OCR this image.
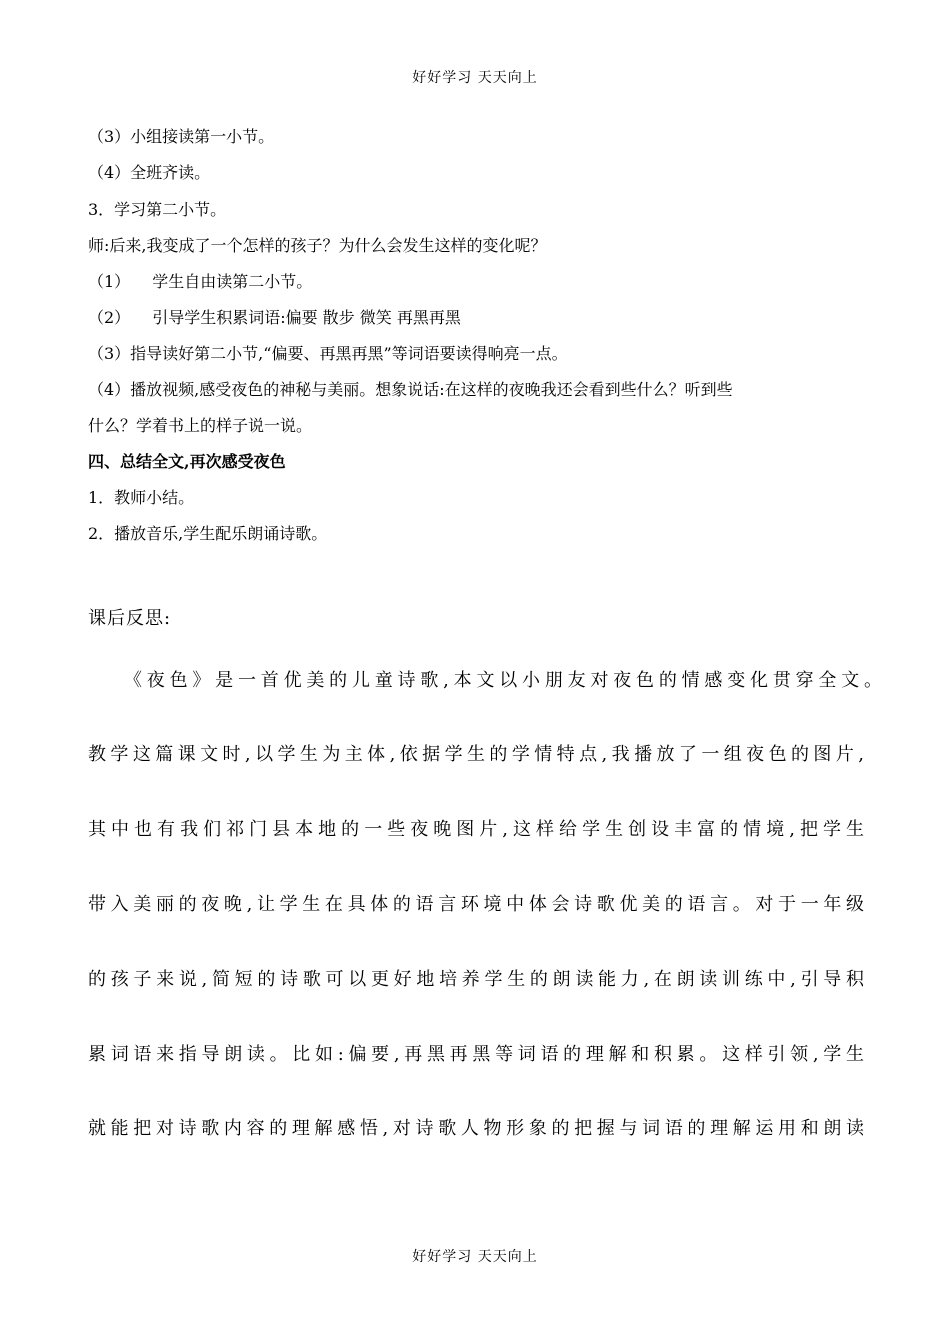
好好学习 天天向上
（3）小组接读第一小节。
（4）全班齐读。
3．学习第二小节。
师:后来,我变成了一个怎样的孩子？为什么会发生这样的变化呢？
（1） 学生自由读第二小节。
（2） 引导学生积累词语:偏要 散步 微笑 再黑再黑
（3）指导读好第二小节,“偏要、再黑再黑”等词语要读得响亮一点。
（4）播放视频,感受夜色的神秘与美丽。想象说话:在这样的夜晚我还会看到些什么？听到些
什么？学着书上的样子说一说。
四、总结全文,再次感受夜色
1．教师小结。
2．播放音乐,学生配乐朗诵诗歌。
课后反思:
《夜色》是一首优美的儿童诗歌,本文以小朋友对夜色的情感变化贯穿全文。
教学这篇课文时,以学生为主体,依据学生的学情特点,我播放了一组夜色的图片,
其中也有我们祁门县本地的一些夜晚图片,这样给学生创设丰富的情境,把学生
带入美丽的夜晚,让学生在具体的语言环境中体会诗歌优美的语言。对于一年级
的孩子来说,简短的诗歌可以更好地培养学生的朗读能力,在朗读训练中,引导积
累词语来指导朗读。比如:偏要,再黑再黑等词语的理解和积累。这样引领,学生
就能把对诗歌内容的理解感悟,对诗歌人物形象的把握与词语的理解运用和朗读
好好学习 天天向上
